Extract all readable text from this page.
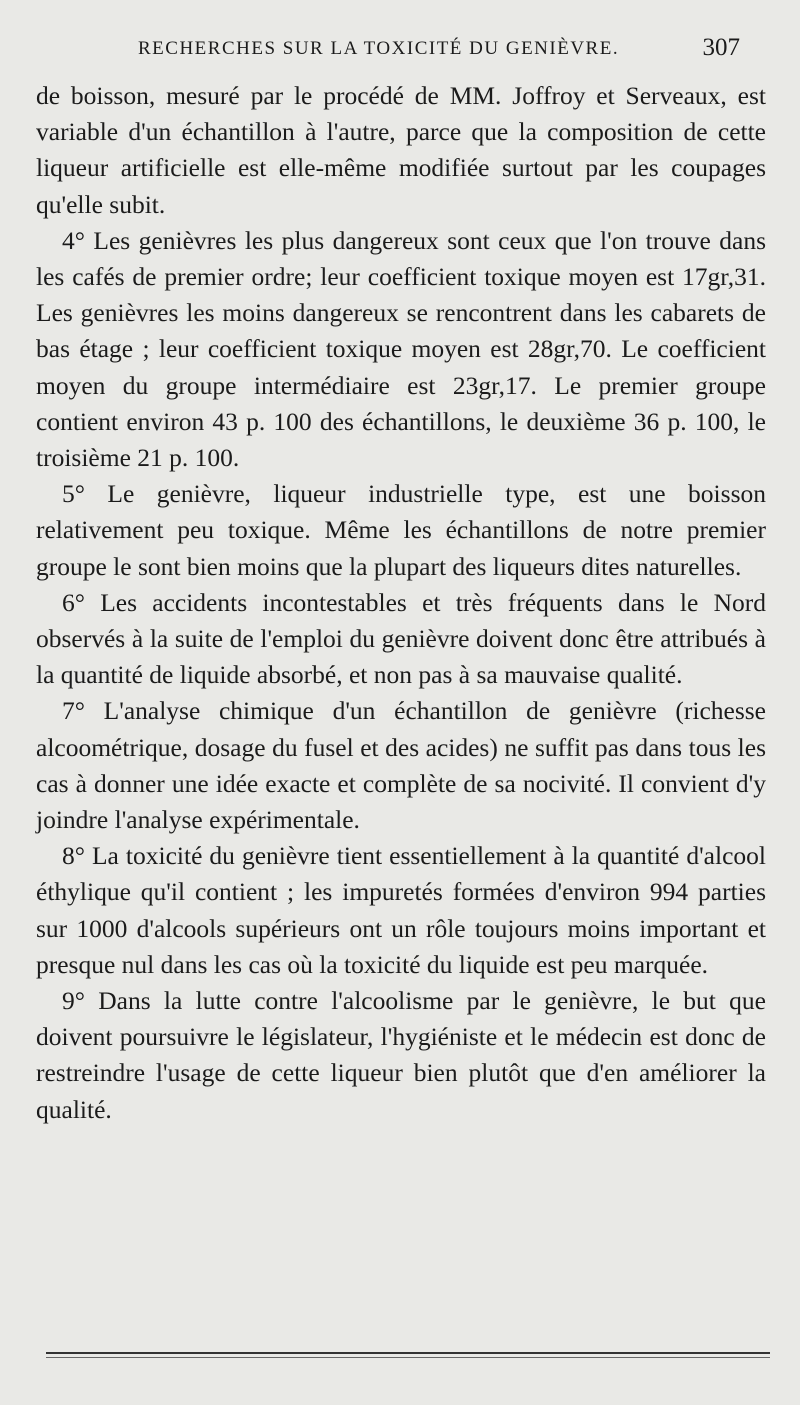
RECHERCHES SUR LA TOXICITÉ DU GENIÈVRE.	307

de boisson, mesuré par le procédé de MM. Joffroy et Serveaux, est variable d'un échantillon à l'autre, parce que la composition de cette liqueur artificielle est elle-même modifiée surtout par les coupages qu'elle subit.

4° Les genièvres les plus dangereux sont ceux que l'on trouve dans les cafés de premier ordre; leur coefficient toxique moyen est 17gr,31. Les genièvres les moins dangereux se rencontrent dans les cabarets de bas étage ; leur coefficient toxique moyen est 28gr,70. Le coefficient moyen du groupe intermédiaire est 23gr,17. Le premier groupe contient environ 43 p. 100 des échantillons, le deuxième 36 p. 100, le troisième 21 p. 100.

5° Le genièvre, liqueur industrielle type, est une boisson relativement peu toxique. Même les échantillons de notre premier groupe le sont bien moins que la plupart des liqueurs dites naturelles.

6° Les accidents incontestables et très fréquents dans le Nord observés à la suite de l'emploi du genièvre doivent donc être attribués à la quantité de liquide absorbé, et non pas à sa mauvaise qualité.

7° L'analyse chimique d'un échantillon de genièvre (richesse alcoométrique, dosage du fusel et des acides) ne suffit pas dans tous les cas à donner une idée exacte et complète de sa nocivité. Il convient d'y joindre l'analyse expérimentale.

8° La toxicité du genièvre tient essentiellement à la quantité d'alcool éthylique qu'il contient ; les impuretés formées d'environ 994 parties sur 1000 d'alcools supérieurs ont un rôle toujours moins important et presque nul dans les cas où la toxicité du liquide est peu marquée.

9° Dans la lutte contre l'alcoolisme par le genièvre, le but que doivent poursuivre le législateur, l'hygiéniste et le médecin est donc de restreindre l'usage de cette liqueur bien plutôt que d'en améliorer la qualité.
